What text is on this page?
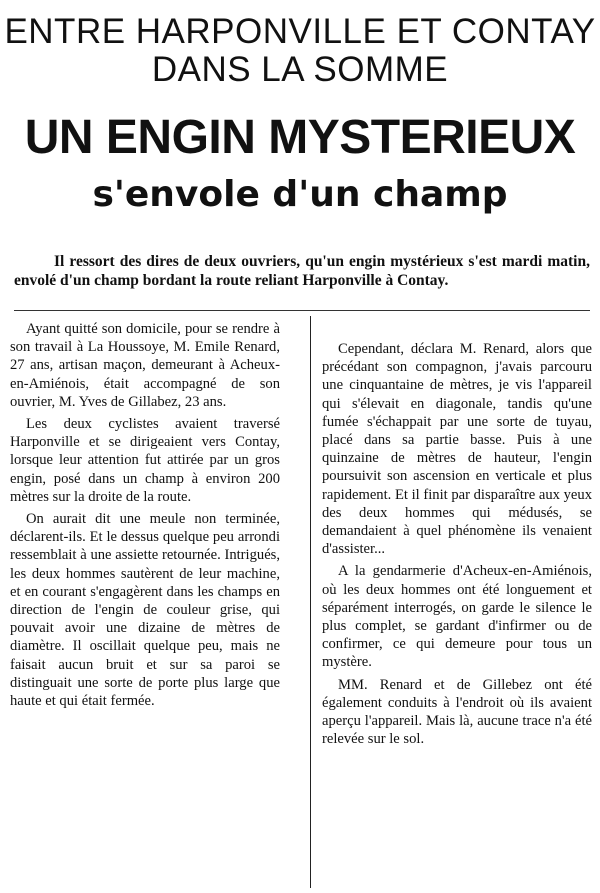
ENTRE HARPONVILLE ET CONTAY
DANS LA SOMME
UN ENGIN MYSTERIEUX
s'envole d'un champ
Il ressort des dires de deux ouvriers, qu'un engin mystérieux s'est mardi matin, envolé d'un champ bordant la route reliant Harponville à Contay.

Ayant quitté son domicile, pour se rendre à son travail à La Houssoye, M. Emile Renard, 27 ans, artisan maçon, demeurant à Acheux-en-Amiénois, était accompagné de son ouvrier, M. Yves de Gillabez, 23 ans.

Les deux cyclistes avaient traversé Harponville et se dirigeaient vers Contay, lorsque leur attention fut attirée par un gros engin, posé dans un champ à environ 200 mètres sur la droite de la route.

On aurait dit une meule non terminée, déclarent-ils. Et le dessus quelque peu arrondi ressemblait à une assiette retournée. Intrigués, les deux hommes sautèrent de leur machine, et en courant s'engagèrent dans les champs en direction de l'engin de couleur grise, qui pouvait avoir une dizaine de mètres de diamètre. Il oscillait quelque peu, mais ne faisait aucun bruit et sur sa paroi se distinguait une sorte de porte plus large que haute et qui était fermée.

Cependant, déclara M. Renard, alors que précédant son compagnon, j'avais parcouru une cinquantaine de mètres, je vis l'appareil qui s'élevait en diagonale, tandis qu'une fumée s'échappait par une sorte de tuyau, placé dans sa partie basse. Puis à une quinzaine de mètres de hauteur, l'engin poursuivit son ascension en verticale et plus rapidement. Et il finit par disparaître aux yeux des deux hommes qui médusés, se demandaient à quel phénomène ils venaient d'assister...

A la gendarmerie d'Acheux-en-Amiénois, où les deux hommes ont été longuement et séparément interrogés, on garde le silence le plus complet, se gardant d'infirmer ou de confirmer, ce qui demeure pour tous un mystère.

MM. Renard et de Gillebez ont été également conduits à l'endroit où ils avaient aperçu l'appareil. Mais là, aucune trace n'a été relevée sur le sol.
